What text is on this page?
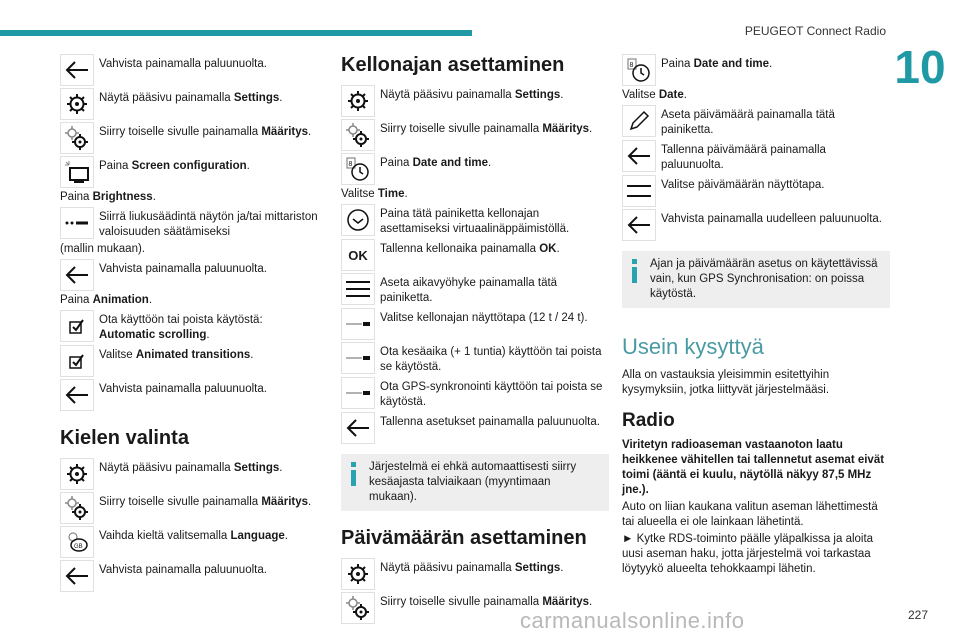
PEUGEOT Connect Radio
10
Vahvista painamalla paluunuolta.
Näytä pääsivu painamalla Settings.
Siirry toiselle sivulle painamalla Määritys.
Paina Screen configuration.
Paina Brightness.
Siirrä liukusäädintä näytön ja/tai mittariston valoisuuden säätämiseksi
(mallin mukaan).
Vahvista painamalla paluunuolta.
Paina Animation.
Ota käyttöön tai poista käytöstä:
Automatic scrolling.
Valitse Animated transitions.
Vahvista painamalla paluunuolta.
Kielen valinta
Näytä pääsivu painamalla Settings.
Siirry toiselle sivulle painamalla Määritys.
GB
Vaihda kieltä valitsemalla Language.
Vahvista painamalla paluunuolta.
Kellonajan asettaminen
Näytä pääsivu painamalla Settings.
Siirry toiselle sivulle painamalla Määritys.
8 Paina Date and time.
Valitse Time.
Paina tätä painiketta kellonajan asettamiseksi virtuaalinäppäimistöllä.
OK Tallenna kellonaika painamalla OK.
Aseta aikavyöhyke painamalla tätä painiketta.
Valitse kellonajan näyttötapa (12 t / 24 t).
Ota kesäaika (+ 1 tuntia) käyttöön tai poista se käytöstä.
Ota GPS-synkronointi käyttöön tai poista se käytöstä.
Tallenna asetukset painamalla paluunuolta.
Järjestelmä ei ehkä automaattisesti siirry kesäajasta talviaikaan (myyntimaan mukaan).
Päivämäärän asettaminen
Näytä pääsivu painamalla Settings.
Siirry toiselle sivulle painamalla Määritys.
8 Paina Date and time.
Valitse Date.
Aseta päivämäärä painamalla tätä painiketta.
Tallenna päivämäärä painamalla paluunuolta.
Valitse päivämäärän näyttötapa.
Vahvista painamalla uudelleen paluunuolta.
Ajan ja päivämäärän asetus on käytettävissä vain, kun GPS Synchronisation: on poissa käytöstä.
Usein kysyttyä
Alla on vastauksia yleisimmin esitettyihin kysymyksiin, jotka liittyvät järjestelmääsi.
Radio
Viritetyn radioaseman vastaanoton laatu heikkenee vähitellen tai tallennetut asemat eivät toimi (ääntä ei kuulu, näytöllä näkyy 87,5 MHz jne.).
Auto on liian kaukana valitun aseman lähettimestä tai alueella ei ole lainkaan lähetintä.
► Kytke RDS-toiminto päälle yläpalkissa ja aloita uusi aseman haku, jotta järjestelmä voi tarkastaa löytyykö alueelta tehokkaampi lähetin.
carmanualsonline.info	227
